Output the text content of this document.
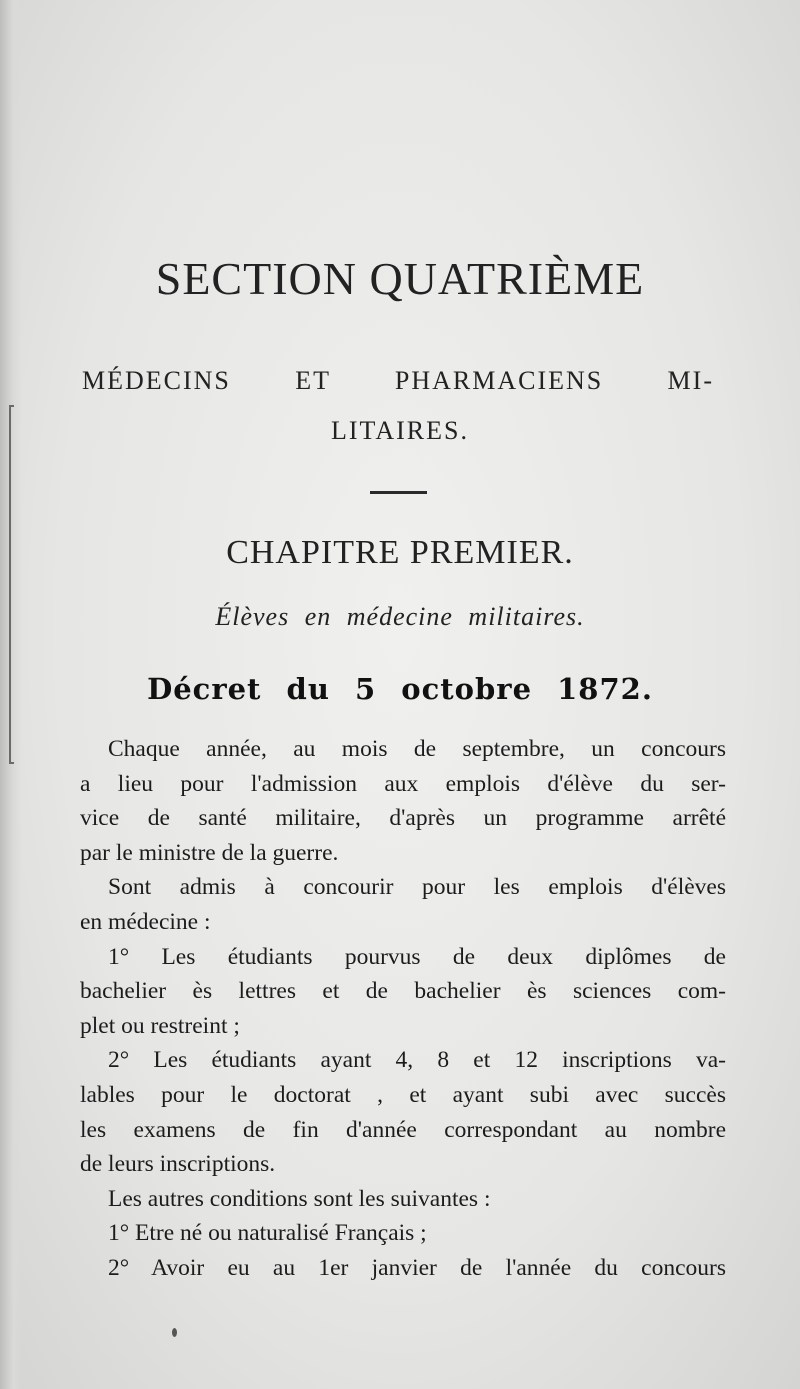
SECTION QUATRIÈME
MÉDECINS ET PHARMACIENS MI-
LITAIRES.
CHAPITRE PREMIER.
Élèves en médecine militaires.
Décret du 5 octobre 1872.
Chaque année, au mois de septembre, un concours
a lieu pour l'admission aux emplois d'élève du ser-
vice de santé militaire, d'après un programme arrêté
par le ministre de la guerre.
Sont admis à concourir pour les emplois d'élèves
en médecine :
1° Les étudiants pourvus de deux diplômes de
bachelier ès lettres et de bachelier ès sciences com-
plet ou restreint ;
2° Les étudiants ayant 4, 8 et 12 inscriptions va-
lables pour le doctorat , et ayant subi avec succès
les examens de fin d'année correspondant au nombre
de leurs inscriptions.
Les autres conditions sont les suivantes :
1° Etre né ou naturalisé Français ;
2° Avoir eu au 1er janvier de l'année du concours
